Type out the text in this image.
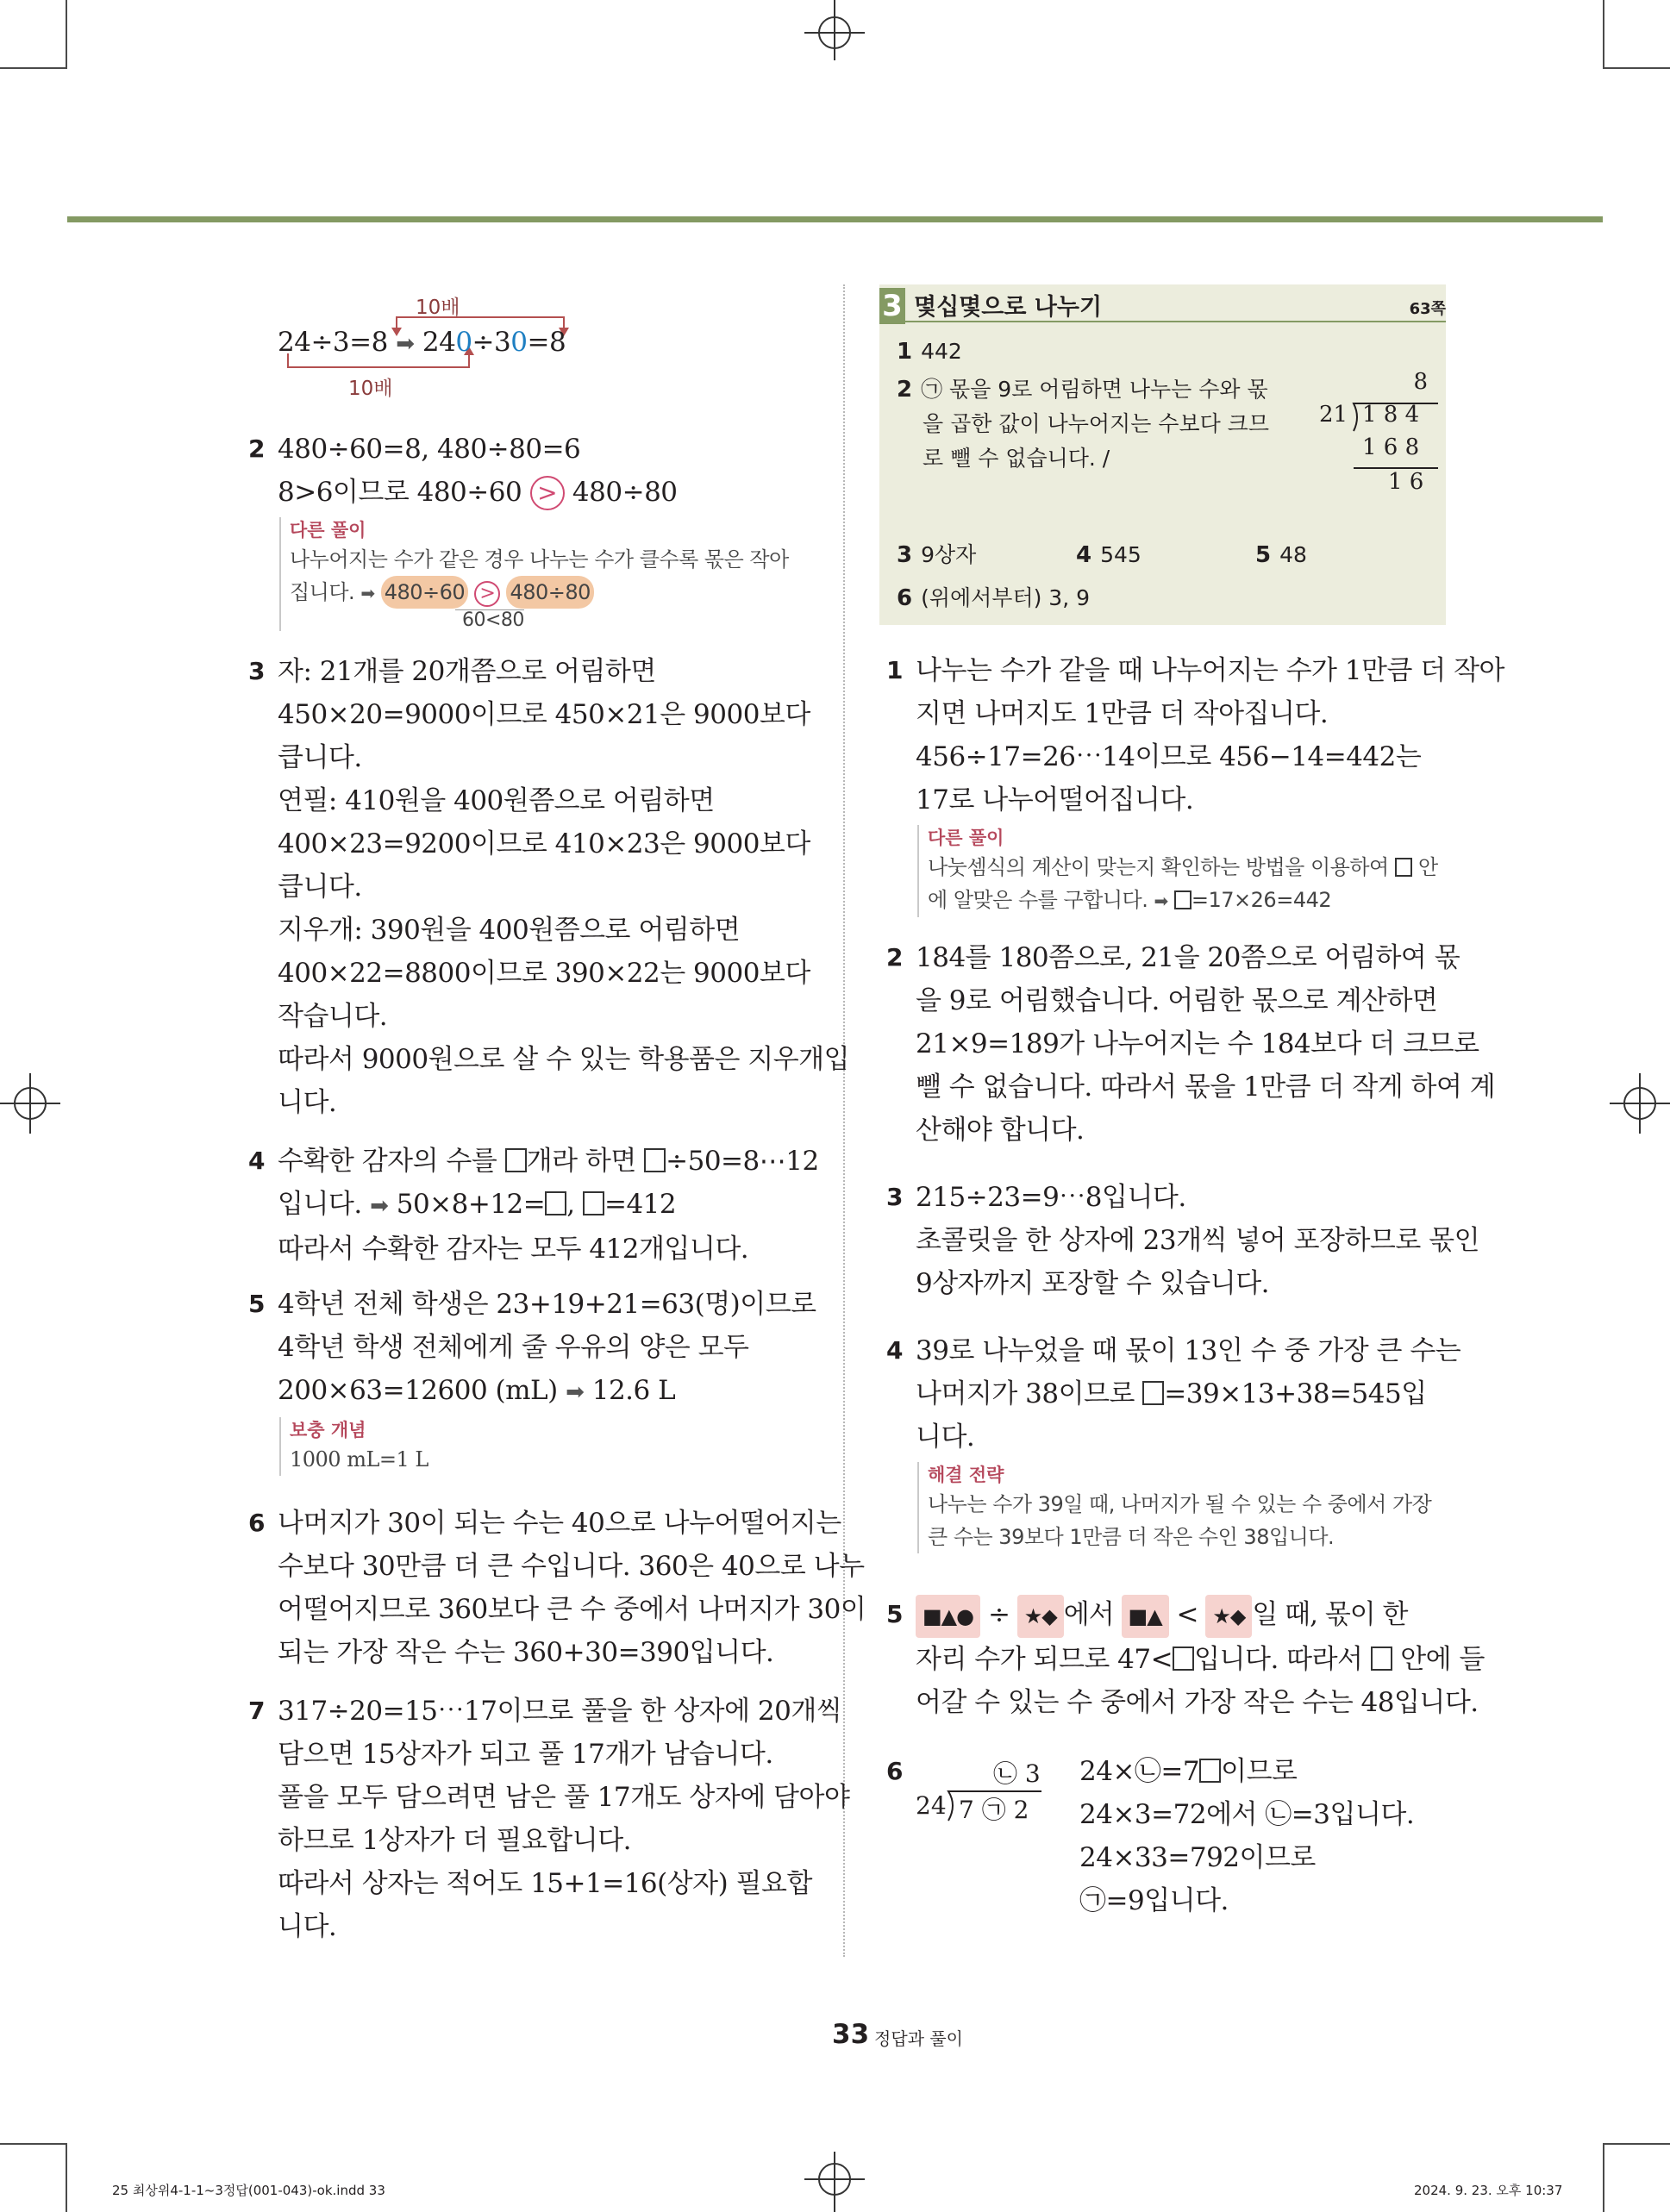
10배
24÷3=8 ➡ 240÷30=8
10배
2 480÷60=8, 480÷80=6
8>6이므로 480÷60 > 480÷80
다른 풀이
나누어지는 수가 같은 경우 나누는 수가 클수록 몫은 작아
집니다. ➡ 480÷60 > 480÷80
60<80
3 자: 21개를 20개쯤으로 어림하면
450×20=9000이므로 450×21은 9000보다
큽니다.
연필: 410원을 400원쯤으로 어림하면
400×23=9200이므로 410×23은 9000보다
큽니다.
지우개: 390원을 400원쯤으로 어림하면
400×22=8800이므로 390×22는 9000보다
작습니다.
따라서 9000원으로 살 수 있는 학용품은 지우개입
니다.
4 수확한 감자의 수를 개라 하면 ÷50=8⋯12
입니다. ➡ 50×8+12= , =412
따라서 수확한 감자는 모두 412개입니다.
5 4학년 전체 학생은 23+19+21=63(명)이므로
4학년 학생 전체에게 줄 우유의 양은 모두
200×63=12600 (mL) ➡ 12.6 L
보충 개념
1000 mL=1 L
6 나머지가 30이 되는 수는 40으로 나누어떨어지는
수보다 30만큼 더 큰 수입니다. 360은 40으로 나누
어떨어지므로 360보다 큰 수 중에서 나머지가 30이
되는 가장 작은 수는 360+30=390입니다.
7 317÷20=15⋯17이므로 풀을 한 상자에 20개씩
담으면 15상자가 되고 풀 17개가 남습니다.
풀을 모두 담으려면 남은 풀 17개도 상자에 담아야
하므로 1상자가 더 필요합니다.
따라서 상자는 적어도 15+1=16(상자) 필요합
니다.
3 몇십몇으로 나누기	63쪽
1 442
2 ㉠ 몫을 9로 어림하면 나누는 수와 몫
을 곱한 값이 나누어지는 수보다 크므
로 뺄 수 없습니다. /
8
21 1 8 4
1 6 8
1 6
3 9상자	4 545	5 48
6 (위에서부터) 3, 9
1 나누는 수가 같을 때 나누어지는 수가 1만큼 더 작아
지면 나머지도 1만큼 더 작아집니다.
456÷17=26⋯14이므로 456−14=442는
17로 나누어떨어집니다.
다른 풀이
나눗셈식의 계산이 맞는지 확인하는 방법을 이용하여 안
에 알맞은 수를 구합니다. ➡ =17×26=442
2 184를 180쯤으로, 21을 20쯤으로 어림하여 몫
을 9로 어림했습니다. 어림한 몫으로 계산하면
21×9=189가 나누어지는 수 184보다 더 크므로
뺄 수 없습니다. 따라서 몫을 1만큼 더 작게 하여 계
산해야 합니다.
3 215÷23=9⋯8입니다.
초콜릿을 한 상자에 23개씩 넣어 포장하므로 몫인
9상자까지 포장할 수 있습니다.
4 39로 나누었을 때 몫이 13인 수 중 가장 큰 수는
나머지가 38이므로 =39×13+38=545입
니다.
해결 전략
나누는 수가 39일 때, 나머지가 될 수 있는 수 중에서 가장
큰 수는 39보다 1만큼 더 작은 수인 38입니다.
5 ■▲● ÷ ★◆ 에서 ■▲ < ★◆ 일 때, 몫이 한
자리 수가 되므로 47< 입니다. 따라서 안에 들
어갈 수 있는 수 중에서 가장 작은 수는 48입니다.
6	㉡ 3
24 7 ㉠ 2
24×㉡=7 이므로
24×3=72에서 ㉡=3입니다.
24×33=792이므로
㉠=9입니다.
33 정답과 풀이
25 최상위4-1-1~3정답(001-043)-ok.indd 33	2024. 9. 23. 오후 10:37
